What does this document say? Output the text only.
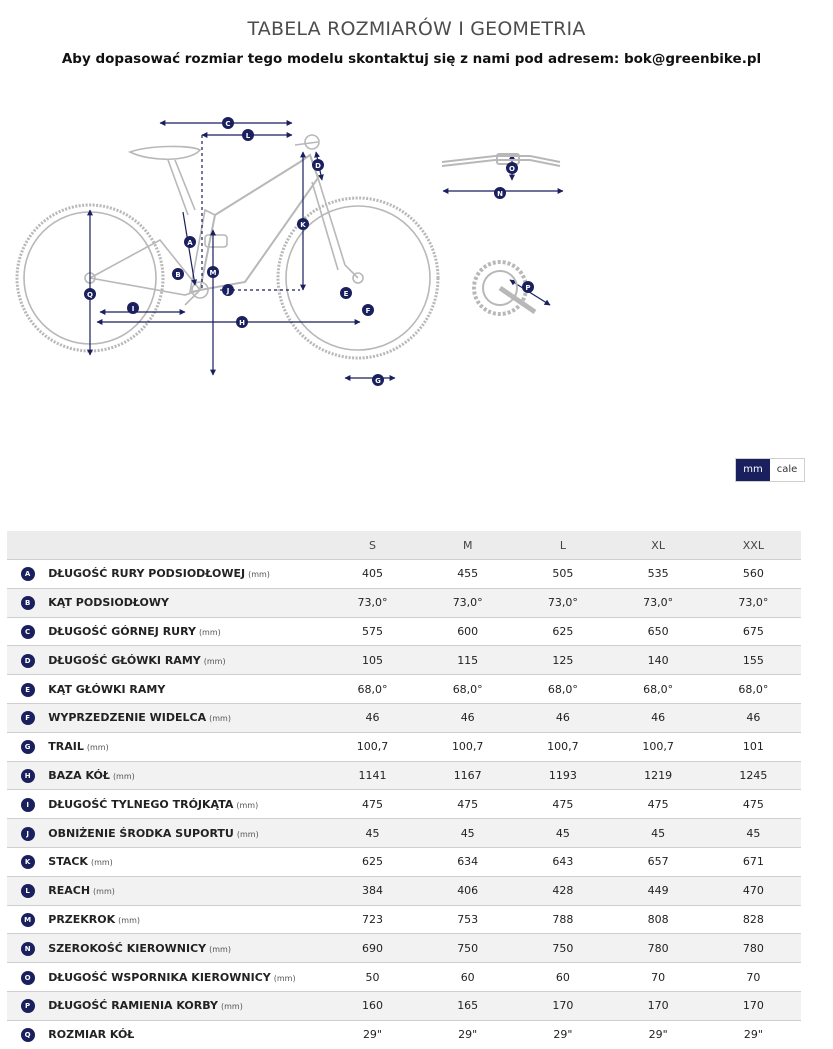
TABELA ROZMIARÓW I GEOMETRIA
Aby dopasować rozmiar tego modelu skontaktuj się z nami pod adresem: bok@greenbike.pl
C
L
D
K
A
B	M
J
Q
I
H
E
F
G
O
N
P
mm	cale
		S	M	L	XL	XXL
A	DŁUGOŚĆ RURY PODSIODŁOWEJ (mm)	405	455	505	535	560
B	KĄT PODSIODŁOWY	73,0°	73,0°	73,0°	73,0°	73,0°
C	DŁUGOŚĆ GÓRNEJ RURY (mm)	575	600	625	650	675
D	DŁUGOŚĆ GŁÓWKI RAMY (mm)	105	115	125	140	155
E	KĄT GŁÓWKI RAMY	68,0°	68,0°	68,0°	68,0°	68,0°
F	WYPRZEDZENIE WIDELCA (mm)	46	46	46	46	46
G	TRAIL (mm)	100,7	100,7	100,7	100,7	101
H	BAZA KÓŁ (mm)	1141	1167	1193	1219	1245
I	DŁUGOŚĆ TYLNEGO TRÓJKĄTA (mm)	475	475	475	475	475
J	OBNIŻENIE ŚRODKA SUPORTU (mm)	45	45	45	45	45
K	STACK (mm)	625	634	643	657	671
L	REACH (mm)	384	406	428	449	470
M	PRZEKROK (mm)	723	753	788	808	828
N	SZEROKOŚĆ KIEROWNICY (mm)	690	750	750	780	780
O	DŁUGOŚĆ WSPORNIKA KIEROWNICY (mm)	50	60	60	70	70
P	DŁUGOŚĆ RAMIENIA KORBY (mm)	160	165	170	170	170
Q	ROZMIAR KÓŁ	29"	29"	29"	29"	29"
